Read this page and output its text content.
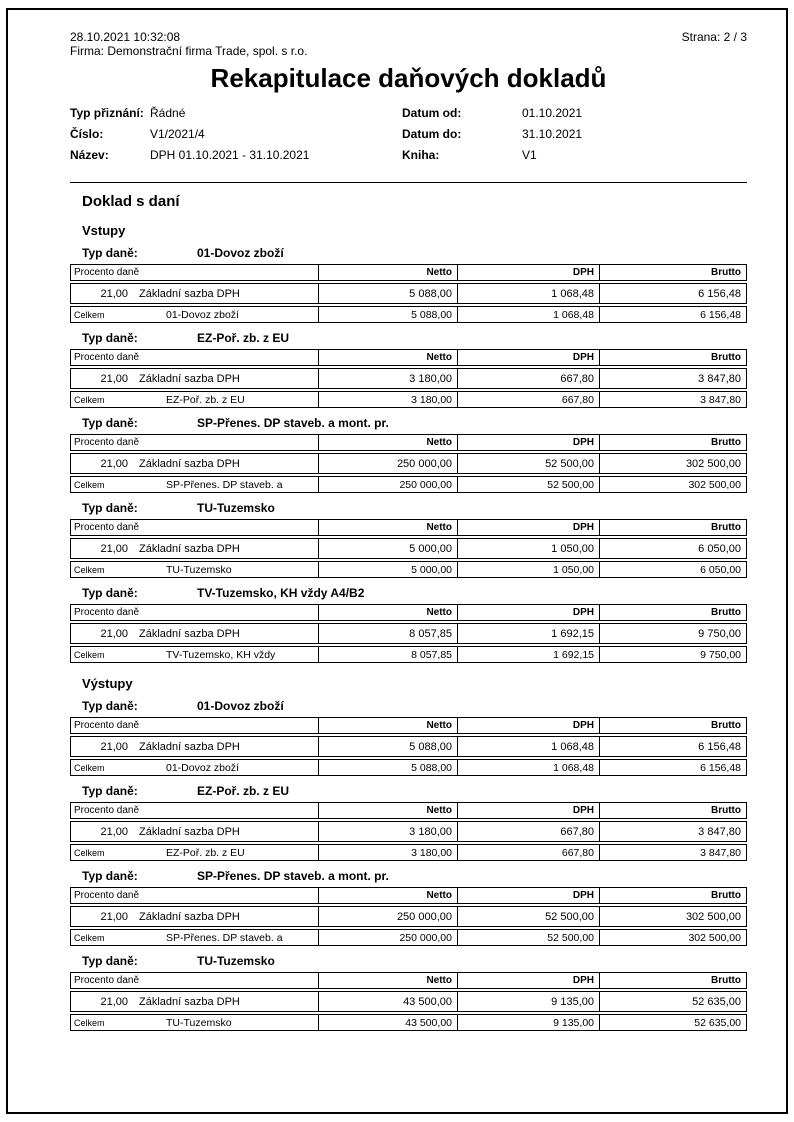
28.10.2021 10:32:08	Strana: 2 / 3
Firma: Demonstrační firma Trade, spol. s r.o.
Rekapitulace daňových dokladů
Typ přiznání: Řádné	Datum od:	01.10.2021
Číslo:	V1/2021/4	Datum do:	31.10.2021
Název:	DPH 01.10.2021 - 31.10.2021	Kniha:	V1
Doklad s daní
Vstupy
Typ daně:	01-Dovoz zboží
Procento daně	Netto	DPH	Brutto
21,00 Základní sazba DPH	5 088,00	1 068,48	6 156,48
Celkem	01-Dovoz zboží	5 088,00	1 068,48	6 156,48
Typ daně:	EZ-Poř. zb. z EU
Procento daně	Netto	DPH	Brutto
21,00 Základní sazba DPH	3 180,00	667,80	3 847,80
Celkem	EZ-Poř. zb. z EU	3 180,00	667,80	3 847,80
Typ daně:	SP-Přenes. DP staveb. a mont. pr.
Procento daně	Netto	DPH	Brutto
21,00 Základní sazba DPH	250 000,00	52 500,00	302 500,00
Celkem	SP-Přenes. DP staveb. a	250 000,00	52 500,00	302 500,00
Typ daně:	TU-Tuzemsko
Procento daně	Netto	DPH	Brutto
21,00 Základní sazba DPH	5 000,00	1 050,00	6 050,00
Celkem	TU-Tuzemsko	5 000,00	1 050,00	6 050,00
Typ daně:	TV-Tuzemsko, KH vždy A4/B2
Procento daně	Netto	DPH	Brutto
21,00 Základní sazba DPH	8 057,85	1 692,15	9 750,00
Celkem	TV-Tuzemsko, KH vždy	8 057,85	1 692,15	9 750,00
Výstupy
Typ daně:	01-Dovoz zboží
Procento daně	Netto	DPH	Brutto
21,00 Základní sazba DPH	5 088,00	1 068,48	6 156,48
Celkem	01-Dovoz zboží	5 088,00	1 068,48	6 156,48
Typ daně:	EZ-Poř. zb. z EU
Procento daně	Netto	DPH	Brutto
21,00 Základní sazba DPH	3 180,00	667,80	3 847,80
Celkem	EZ-Poř. zb. z EU	3 180,00	667,80	3 847,80
Typ daně:	SP-Přenes. DP staveb. a mont. pr.
Procento daně	Netto	DPH	Brutto
21,00 Základní sazba DPH	250 000,00	52 500,00	302 500,00
Celkem	SP-Přenes. DP staveb. a	250 000,00	52 500,00	302 500,00
Typ daně:	TU-Tuzemsko
Procento daně	Netto	DPH	Brutto
21,00 Základní sazba DPH	43 500,00	9 135,00	52 635,00
Celkem	TU-Tuzemsko	43 500,00	9 135,00	52 635,00
